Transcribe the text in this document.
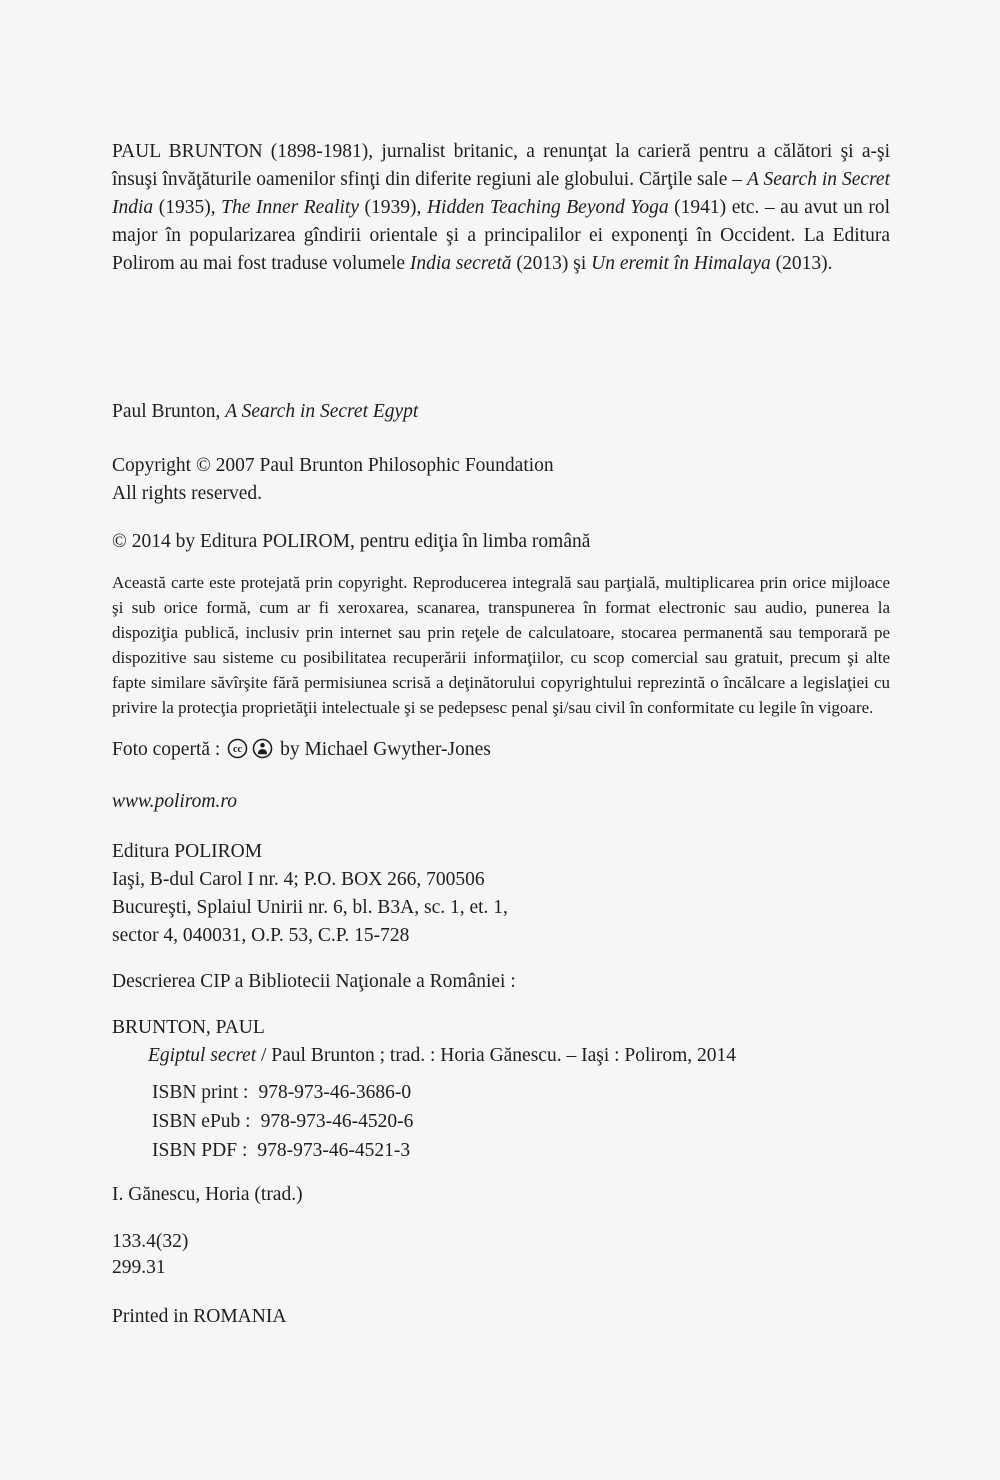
PAUL BRUNTON (1898-1981), jurnalist britanic, a renunţat la carieră pentru a călători şi a-şi însuşi învăţăturile oamenilor sfinţi din diferite regiuni ale globului. Cărţile sale – A Search in Secret India (1935), The Inner Reality (1939), Hidden Teaching Beyond Yoga (1941) etc. – au avut un rol major în popularizarea gîndirii orientale şi a principalilor ei exponenţi în Occident. La Editura Polirom au mai fost traduse volumele India secretă (2013) şi Un eremit în Himalaya (2013).

Paul Brunton, A Search in Secret Egypt

Copyright © 2007 Paul Brunton Philosophic Foundation

All rights reserved.

© 2014 by Editura POLIROM, pentru ediţia în limba română

Această carte este protejată prin copyright. Reproducerea integrală sau parţială, multiplicarea prin orice mijloace şi sub orice formă, cum ar fi xeroxarea, scanarea, transpunerea în format electronic sau audio, punerea la dispoziţia publică, inclusiv prin internet sau prin reţele de calculatoare, stocarea permanentă sau temporară pe dispozitive sau sisteme cu posibilitatea recuperării informaţiilor, cu scop comercial sau gratuit, precum şi alte fapte similare săvîrşite fără permisiunea scrisă a deţinătorului copyrightului reprezintă o încălcare a legislaţiei cu privire la protecţia proprietăţii intelectuale şi se pedepsesc penal şi/sau civil în conformitate cu legile în vigoare.

Foto copertă : cc by Michael Gwyther-Jones

www.polirom.ro

Editura POLIROM

Iaşi, B-dul Carol I nr. 4; P.O. BOX 266, 700506

Bucureşti, Splaiul Unirii nr. 6, bl. B3A, sc. 1, et. 1,

sector 4, 040031, O.P. 53, C.P. 15-728

Descrierea CIP a Bibliotecii Naţionale a României :

BRUNTON, PAUL

Egiptul secret / Paul Brunton ; trad. : Horia Gănescu. – Iaşi : Polirom, 2014

ISBN print : 978-973-46-3686-0

ISBN ePub : 978-973-46-4520-6

ISBN PDF : 978-973-46-4521-3

I. Gănescu, Horia (trad.)

133.4(32)

299.31

Printed in ROMANIA
